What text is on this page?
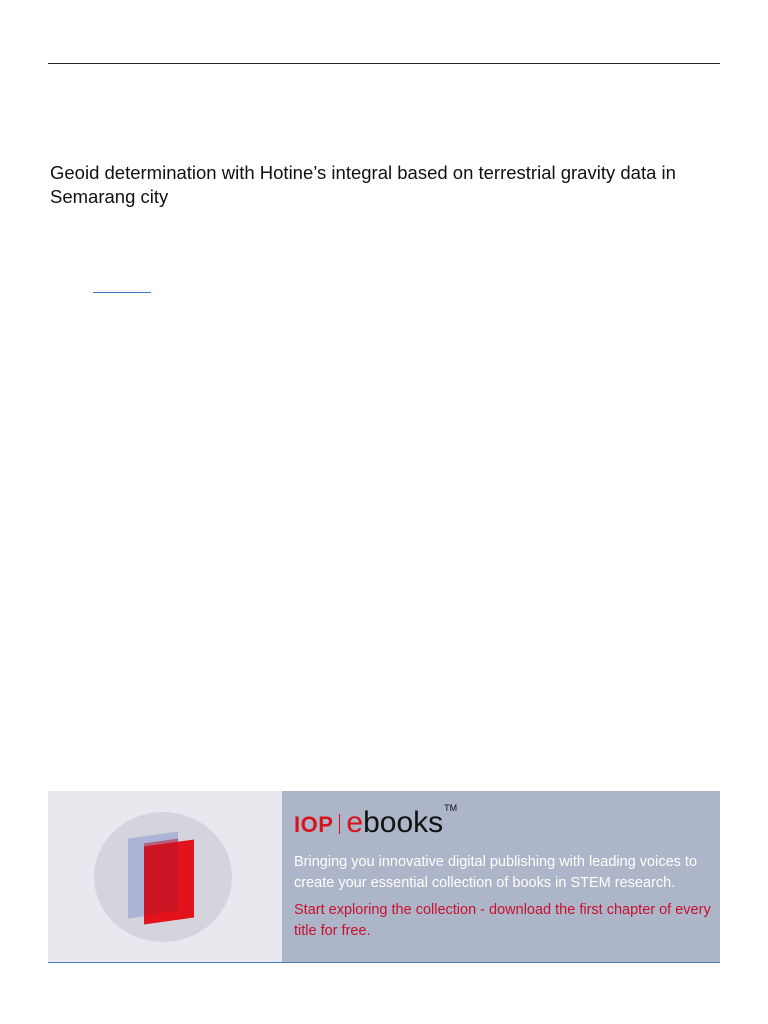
Geoid determination with Hotine’s integral based on terrestrial gravity data in Semarang city
IOP e books TM

Bringing you innovative digital publishing with leading voices to create your essential collection of books in STEM research.

Start exploring the collection - download the first chapter of every title for free.
